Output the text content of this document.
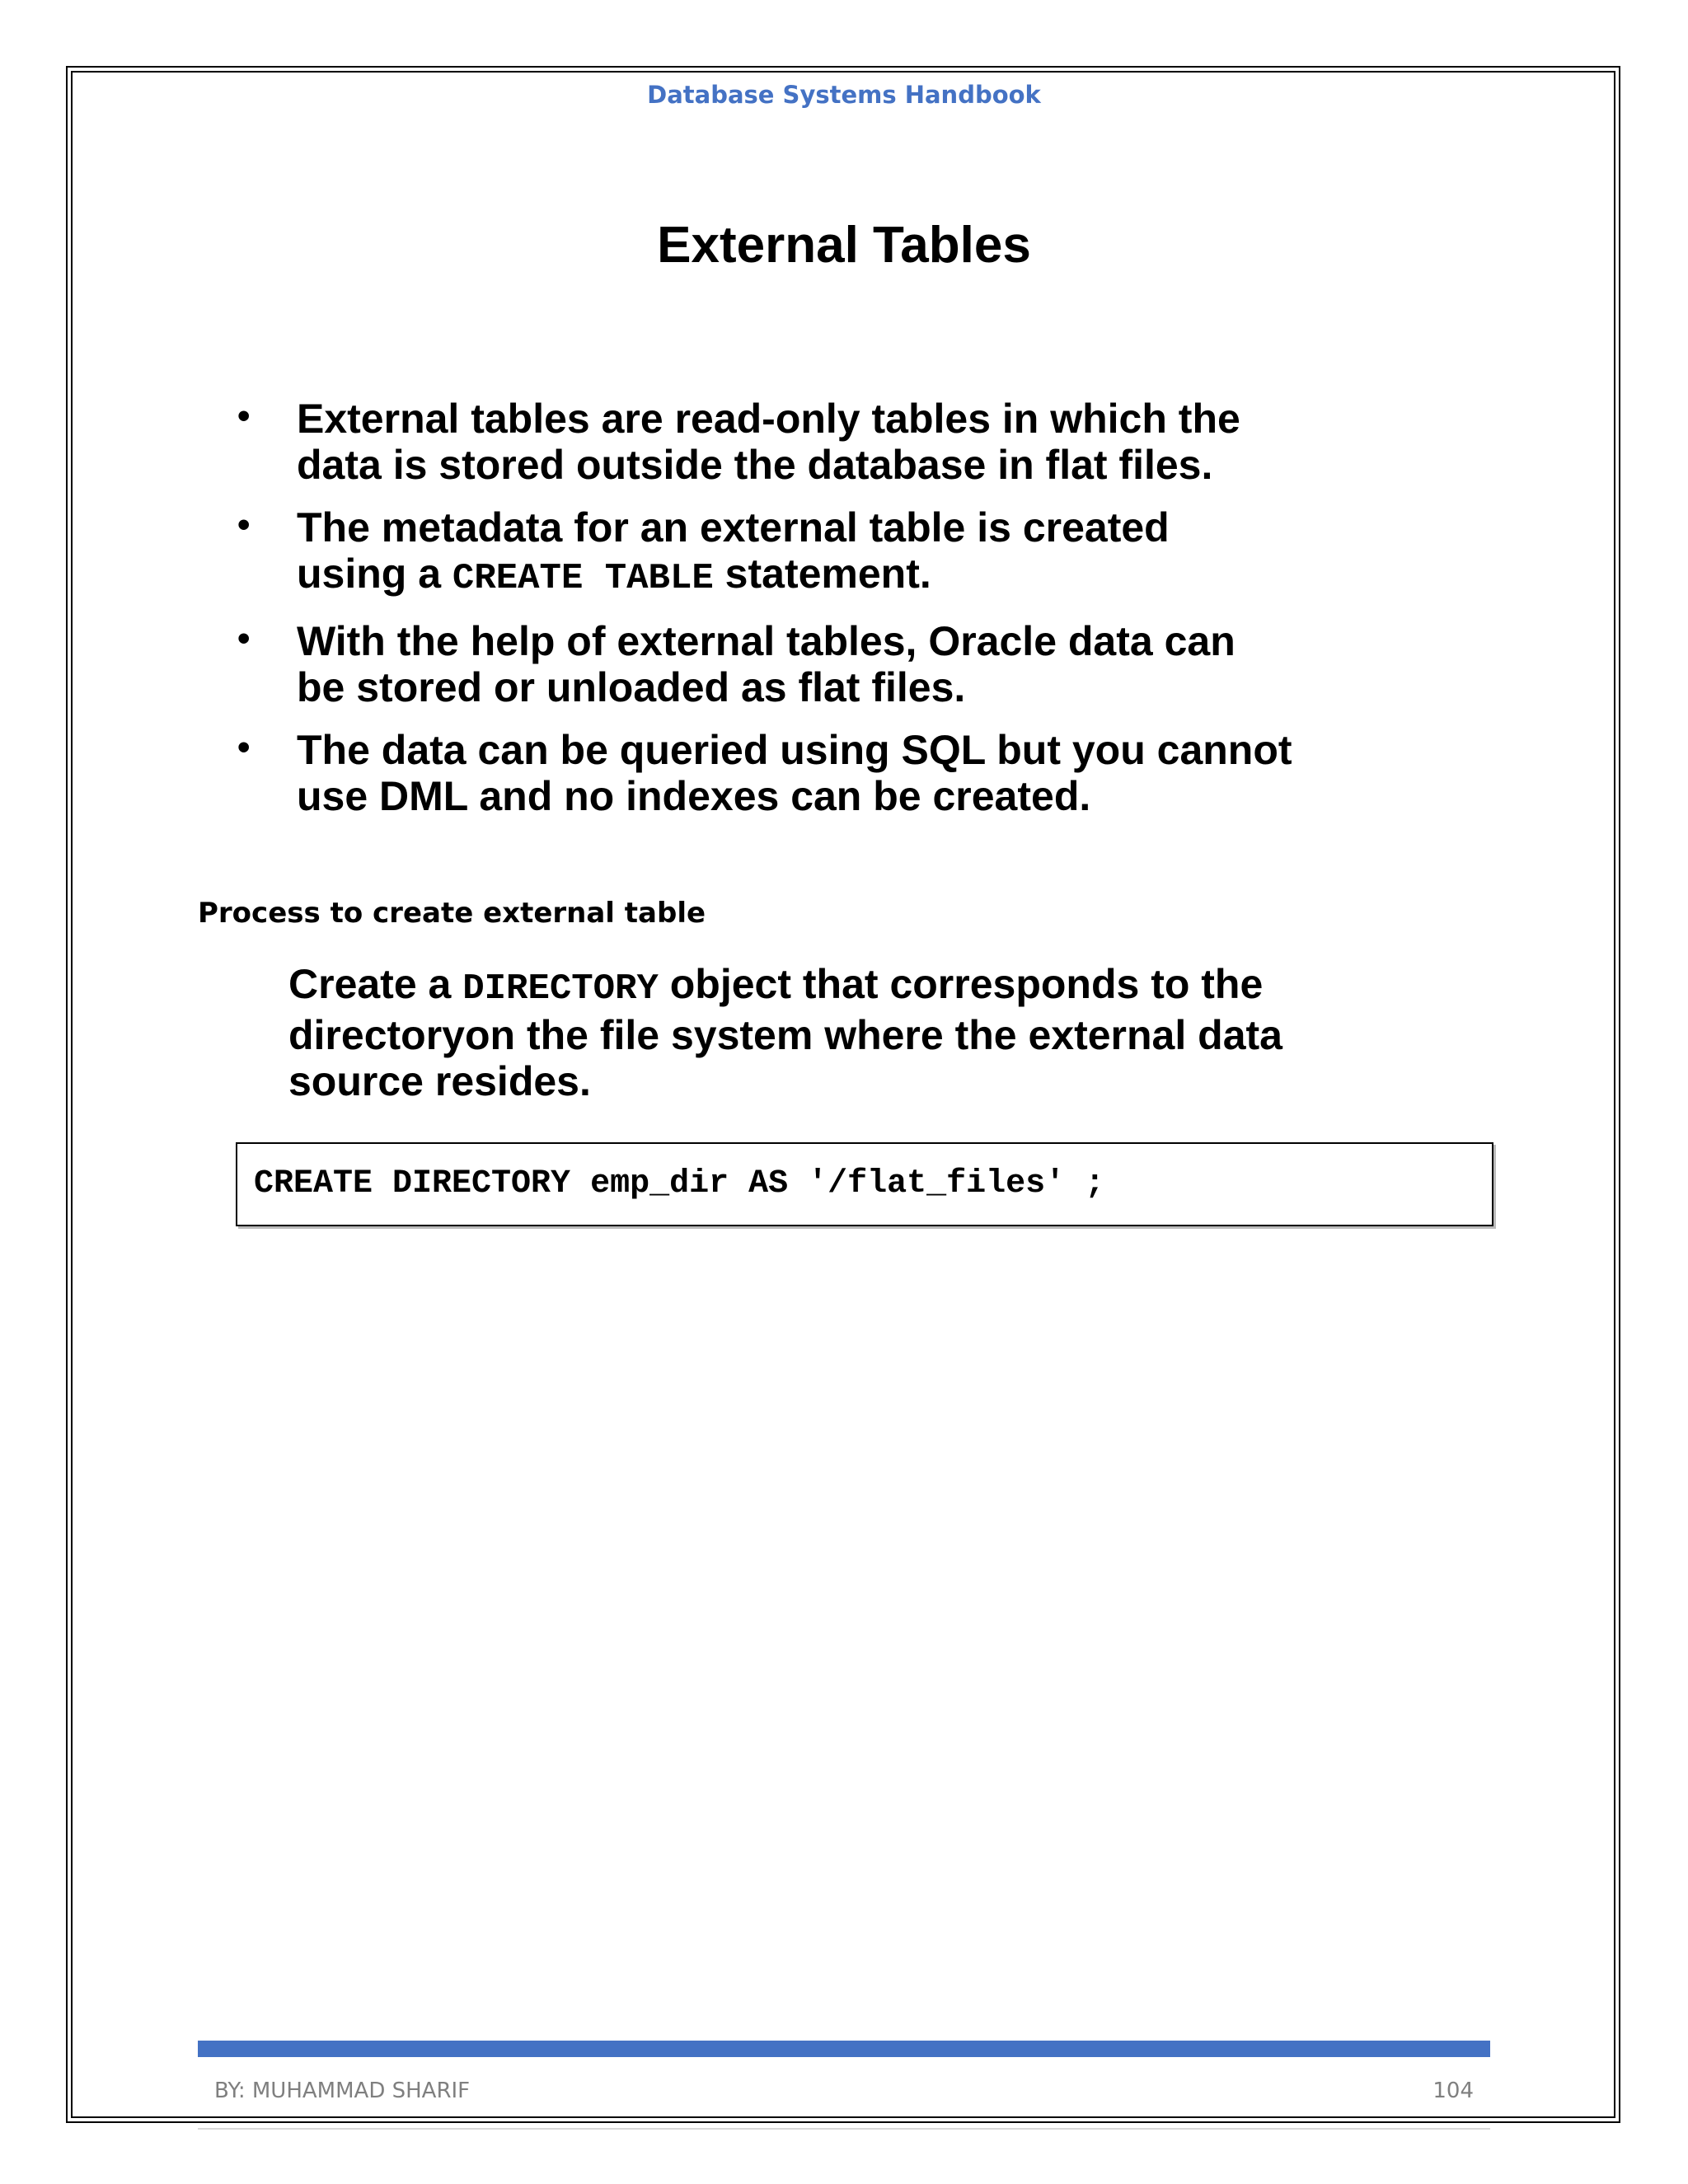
Database Systems Handbook
External Tables
• External tables are read-only tables in which the
data is stored outside the database in flat files.
• The metadata for an external table is created
using a CREATE TABLE statement.
• With the help of external tables, Oracle data can
be stored or unloaded as flat files.
• The data can be queried using SQL but you cannot
use DML and no indexes can be created.
Process to create external table
Create a DIRECTORY object that corresponds to the
directoryon the file system where the external data
source resides.
CREATE DIRECTORY emp_dir AS '/flat_files' ;
BY: MUHAMMAD SHARIF	104
